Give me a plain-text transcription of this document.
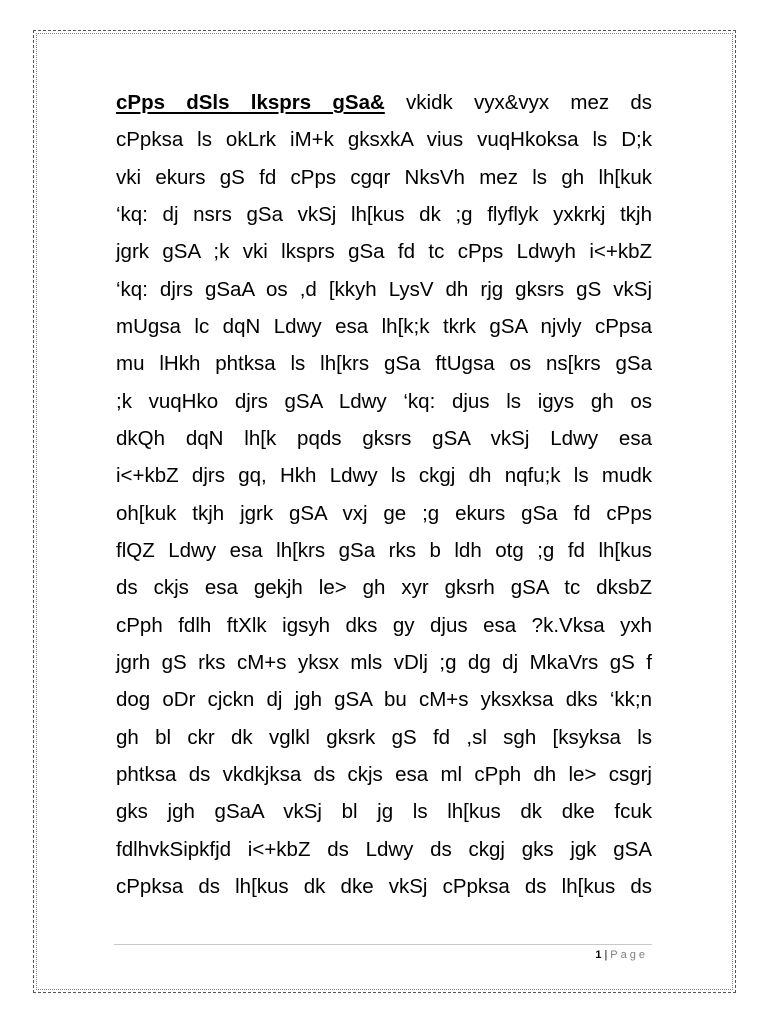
cPps dSls lksprs gSa& vkidk vyx&vyx mez ds
cPpksa ls okLrk iM+k gksxkA vius vuqHkoksa ls D;k
vki ekurs gS fd cPps cgqr NksVh mez ls gh lh[kuk
‘kq: dj nsrs gSa vkSj lh[kus dk ;g flyflyk yxkrkj tkjh
jgrk gSA ;k vki lksprs gSa fd tc cPps Ldwyh i<+kbZ
‘kq: djrs gSaA os ,d [kkyh LysV dh rjg gksrs gS vkSj
mUgsa lc dqN Ldwy esa lh[k;k tkrk gSA njvly cPpsa
mu lHkh phtksa ls lh[krs gSa ftUgsa os ns[krs gSa
;k vuqHko djrs gSA Ldwy ‘kq: djus ls igys gh os
dkQh dqN lh[k pqds gksrs gSA vkSj Ldwy esa
i<+kbZ djrs gq, Hkh Ldwy ls ckgj dh nqfu;k ls mudk
oh[kuk tkjh jgrk gSA vxj ge ;g ekurs gSa fd cPps
flQZ Ldwy esa lh[krs gSa rks b ldh otg ;g fd lh[kus
ds ckjs esa gekjh le> gh xyr gksrh gSA tc dksbZ
cPph fdlh ftXlk igsyh dks gy djus esa ?k.Vksa yxh
jgrh gS rks cM+s yksx mls vDlj ;g dg dj MkaVrs gS f
dog oDr cjckn dj jgh gSA bu cM+s yksxksa dks ‘kk;n
gh bl ckr dk vglkl gksrk gS fd ,sl sgh [ksyksa ls
phtksa ds vkdkjksa ds ckjs esa ml cPph dh le> csgrj
gks jgh gSaA vkSj bl jg ls lh[kus dk dke fcuk
fdlhvkSipkfjd i<+kbZ ds Ldwy ds ckgj gks jgk gSA
cPpksa ds lh[kus dk dke vkSj cPpksa ds lh[kus ds
1 | Page
